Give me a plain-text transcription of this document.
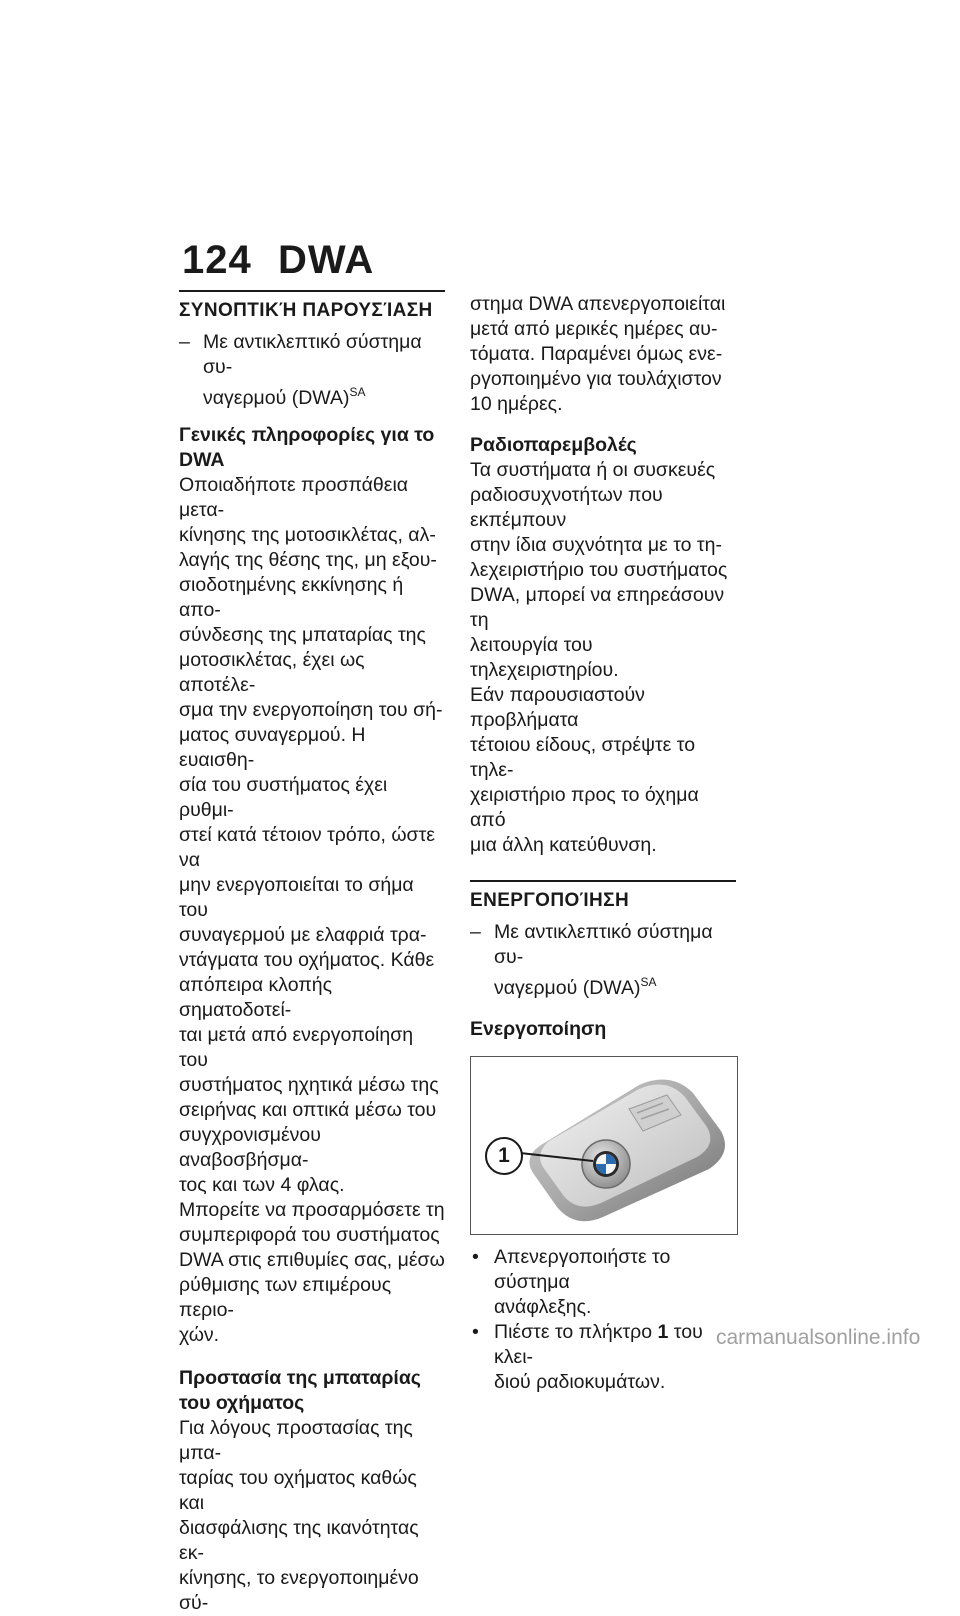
124 DWA
ΣΥΝΟΠΤΙΚΉ ΠΑΡΟΥΣΊΑΣΗ
– Με αντικλεπτικό σύστημα συ-
ναγερμού (DWA)$^{SA}$
Γενικές πληροφορίες για το
DWA

Οποιαδήποτε προσπάθεια μετα-
κίνησης της μοτοσικλέτας, αλ-
λαγής της θέσης της, μη εξου-
σιοδοτημένης εκκίνησης ή απο-
σύνδεσης της μπαταρίας της
μοτοσικλέτας, έχει ως αποτέλε-
σμα την ενεργοποίηση του σή-
ματος συναγερμού. Η ευαισθη-
σία του συστήματος έχει ρυθμι-
στεί κατά τέτοιον τρόπο, ώστε να
μην ενεργοποιείται το σήμα του
συναγερμού με ελαφριά τρα-
ντάγματα του οχήματος. Κάθε
απόπειρα κλοπής σηματοδοτεί-
ται μετά από ενεργοποίηση του
συστήματος ηχητικά μέσω της
σειρήνας και οπτικά μέσω του
συγχρονισμένου αναβοσβήσμα-
τος και των 4 φλας.
Μπορείτε να προσαρμόσετε τη
συμπεριφορά του συστήματος
DWA στις επιθυμίες σας, μέσω
ρύθμισης των επιμέρους περιο-
χών.

Προστασία της μπαταρίας
του οχήματος

Για λόγους προστασίας της μπα-
ταρίας του οχήματος καθώς και
διασφάλισης της ικανότητας εκ-
κίνησης, το ενεργοποιημένο σύ-

στημα DWA απενεργοποιείται
μετά από μερικές ημέρες αυ-
τόματα. Παραμένει όμως ενε-
ργοποιημένο για τουλάχιστον
10 ημέρες.

Ραδιοπαρεμβολές

Τα συστήματα ή οι συσκευές
ραδιοσυχνοτήτων που εκπέμπουν
στην ίδια συχνότητα με το τη-
λεχειριστήριο του συστήματος
DWA, μπορεί να επηρεάσουν τη
λειτουργία του τηλεχειριστηρίου.
Εάν παρουσιαστούν προβλήματα
τέτοιου είδους, στρέψτε το τηλε-
χειριστήριο προς το όχημα από
μια άλλη κατεύθυνση.

ΕΝΕΡΓΟΠΟΊΗΣΗ
– Με αντικλεπτικό σύστημα συ-
ναγερμού (DWA)$^{SA}$
Ενεργοποίηση
1
• Απενεργοποιήστε το σύστημα
ανάφλεξης.
• Πιέστε το πλήκτρο 1 του κλει-
διού ραδιοκυμάτων.
carmanualsonline.info
